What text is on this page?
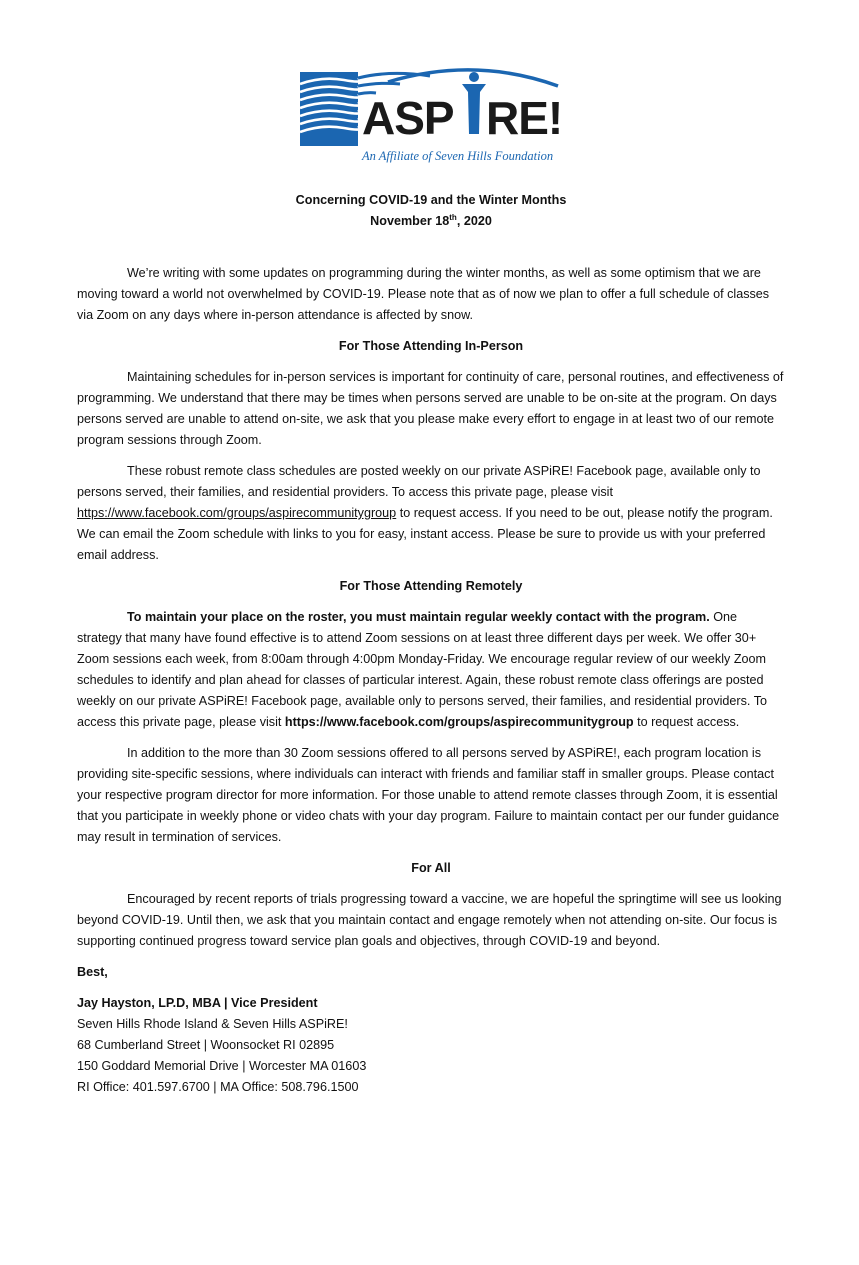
ASP RE!
An Affiliate of Seven Hills Foundation
Concerning COVID-19 and the Winter Months
November 18th, 2020

We’re writing with some updates on programming during the winter months, as well as some optimism that we are moving toward a world not overwhelmed by COVID-19. Please note that as of now we plan to offer a full schedule of classes via Zoom on any days where in-person attendance is affected by snow.

For Those Attending In-Person

Maintaining schedules for in-person services is important for continuity of care, personal routines, and effectiveness of programming. We understand that there may be times when persons served are unable to be on-site at the program. On days persons served are unable to attend on-site, we ask that you please make every effort to engage in at least two of our remote program sessions through Zoom.

These robust remote class schedules are posted weekly on our private ASPiRE! Facebook page, available only to persons served, their families, and residential providers. To access this private page, please visit https://www.facebook.com/groups/aspirecommunitygroup to request access. If you need to be out, please notify the program. We can email the Zoom schedule with links to you for easy, instant access. Please be sure to provide us with your preferred email address.

For Those Attending Remotely

To maintain your place on the roster, you must maintain regular weekly contact with the program. One strategy that many have found effective is to attend Zoom sessions on at least three different days per week. We offer 30+ Zoom sessions each week, from 8:00am through 4:00pm Monday-Friday. We encourage regular review of our weekly Zoom schedules to identify and plan ahead for classes of particular interest. Again, these robust remote class offerings are posted weekly on our private ASPiRE! Facebook page, available only to persons served, their families, and residential providers. To access this private page, please visit https://www.facebook.com/groups/aspirecommunitygroup to request access.

In addition to the more than 30 Zoom sessions offered to all persons served by ASPiRE!, each program location is providing site-specific sessions, where individuals can interact with friends and familiar staff in smaller groups. Please contact your respective program director for more information. For those unable to attend remote classes through Zoom, it is essential that you participate in weekly phone or video chats with your day program. Failure to maintain contact per our funder guidance may result in termination of services.

For All

Encouraged by recent reports of trials progressing toward a vaccine, we are hopeful the springtime will see us looking beyond COVID-19. Until then, we ask that you maintain contact and engage remotely when not attending on-site. Our focus is supporting continued progress toward service plan goals and objectives, through COVID-19 and beyond.

Best,

Jay Hayston, LP.D, MBA | Vice President

Seven Hills Rhode Island & Seven Hills ASPiRE!

68 Cumberland Street | Woonsocket RI 02895

150 Goddard Memorial Drive | Worcester MA 01603

RI Office: 401.597.6700 | MA Office: 508.796.1500
